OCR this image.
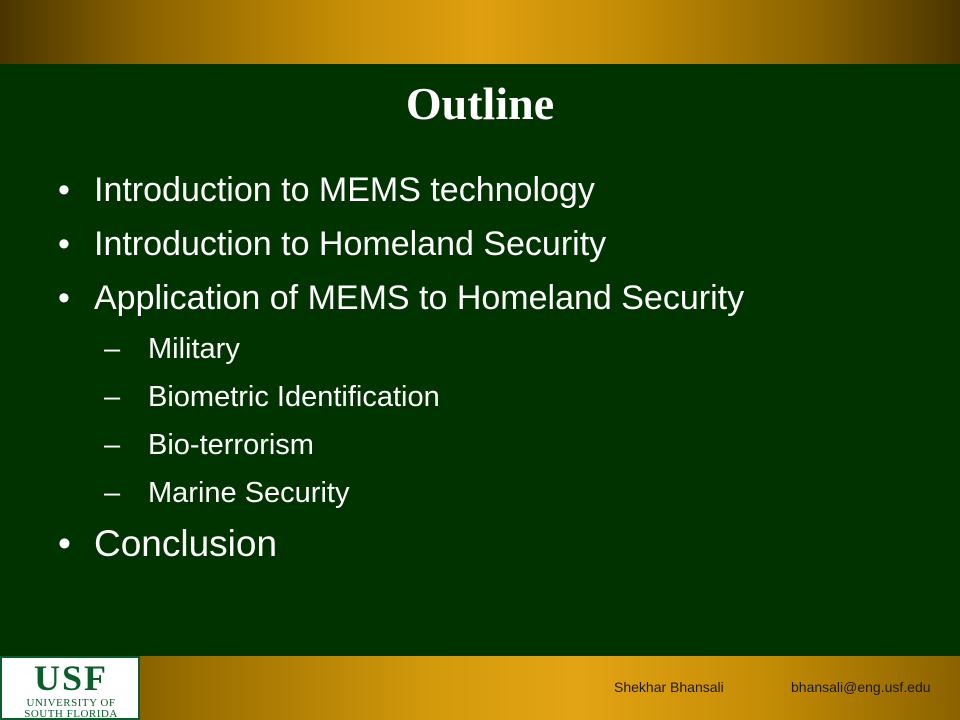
Outline
• Introduction to MEMS technology
• Introduction to Homeland Security
• Application of MEMS to Homeland Security
– Military
– Biometric Identification
– Bio-terrorism
– Marine Security
• Conclusion
USF
UNIVERSITY OF
SOUTH FLORIDA
Shekhar Bhansali	bhansali@eng.usf.edu
